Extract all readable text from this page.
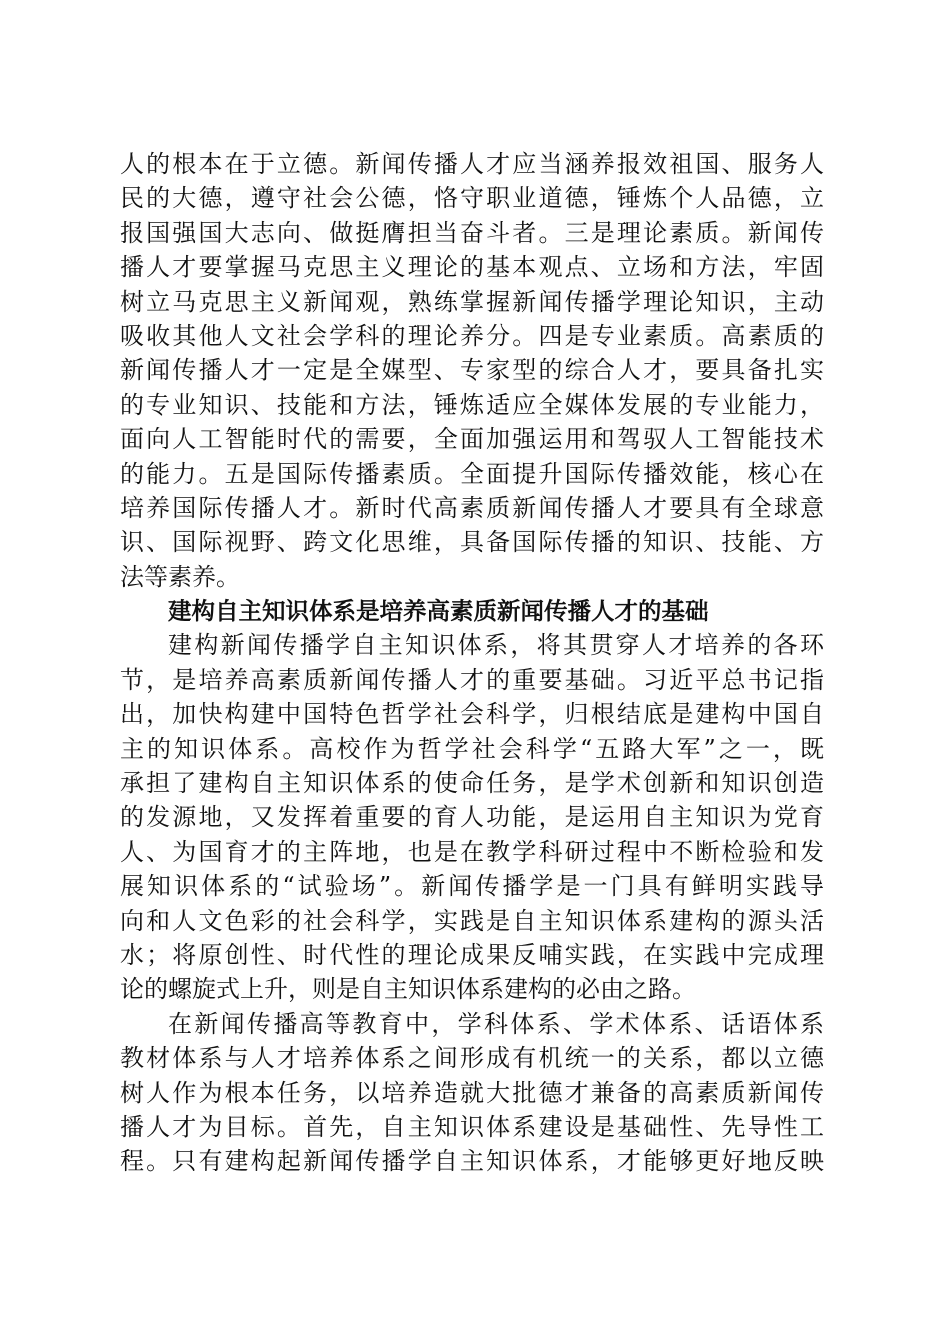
人的根本在于立德。新闻传播人才应当涵养报效祖国、服务人
民的大德，遵守社会公德，恪守职业道德，锤炼个人品德，立
报国强国大志向、做挺膺担当奋斗者。三是理论素质。新闻传
播人才要掌握马克思主义理论的基本观点、立场和方法，牢固
树立马克思主义新闻观，熟练掌握新闻传播学理论知识，主动
吸收其他人文社会学科的理论养分。四是专业素质。高素质的
新闻传播人才一定是全媒型、专家型的综合人才，要具备扎实
的专业知识、技能和方法，锤炼适应全媒体发展的专业能力，
面向人工智能时代的需要，全面加强运用和驾驭人工智能技术
的能力。五是国际传播素质。全面提升国际传播效能，核心在
培养国际传播人才。新时代高素质新闻传播人才要具有全球意
识、国际视野、跨文化思维，具备国际传播的知识、技能、方
法等素养。
建构自主知识体系是培养高素质新闻传播人才的基础
建构新闻传播学自主知识体系，将其贯穿人才培养的各环
节，是培养高素质新闻传播人才的重要基础。习近平总书记指
出，加快构建中国特色哲学社会科学，归根结底是建构中国自
主的知识体系。高校作为哲学社会科学“五路大军”之一，既
承担了建构自主知识体系的使命任务，是学术创新和知识创造
的发源地，又发挥着重要的育人功能，是运用自主知识为党育
人、为国育才的主阵地，也是在教学科研过程中不断检验和发
展知识体系的“试验场”。新闻传播学是一门具有鲜明实践导
向和人文色彩的社会科学，实践是自主知识体系建构的源头活
水；将原创性、时代性的理论成果反哺实践，在实践中完成理
论的螺旋式上升，则是自主知识体系建构的必由之路。
在新闻传播高等教育中，学科体系、学术体系、话语体系
教材体系与人才培养体系之间形成有机统一的关系，都以立德
树人作为根本任务，以培养造就大批德才兼备的高素质新闻传
播人才为目标。首先，自主知识体系建设是基础性、先导性工
程。只有建构起新闻传播学自主知识体系，才能够更好地反映
